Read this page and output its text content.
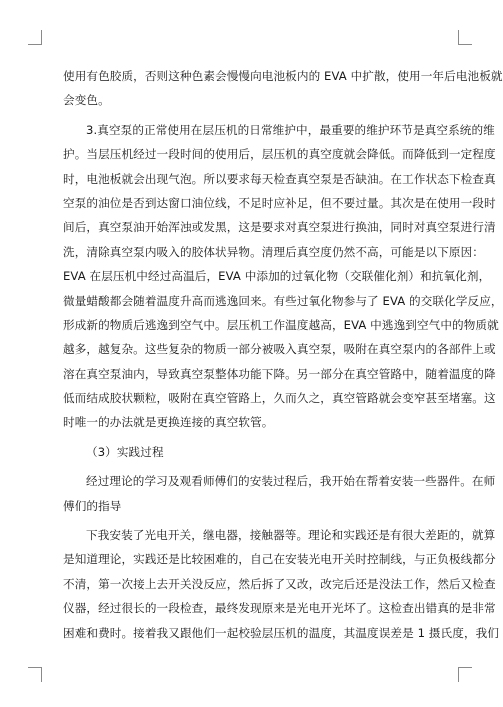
使用有色胶质，否则这种色素会慢慢向电池板内的 EVA 中扩散，使用一年后电池板就
会变色。
3.真空泵的正常使用在层压机的日常维护中，最重要的维护环节是真空系统的维
护。当层压机经过一段时间的使用后，层压机的真空度就会降低。而降低到一定程度
时，电池板就会出现气泡。所以要求每天检查真空泵是否缺油。在工作状态下检查真
空泵的油位是否到达窗口油位线，不足时应补足，但不要过量。其次是在使用一段时
间后，真空泵油开始浑浊或发黑，这是要求对真空泵进行换油，同时对真空泵进行清
洗，清除真空泵内吸入的胶体状异物。清理后真空度仍然不高，可能是以下原因：
EVA 在层压机中经过高温后，EVA 中添加的过氧化物（交联催化剂）和抗氧化剂，
微量蜡酸都会随着温度升高而逃逸回来。有些过氧化物参与了 EVA 的交联化学反应，
形成新的物质后逃逸到空气中。层压机工作温度越高，EVA 中逃逸到空气中的物质就
越多，越复杂。这些复杂的物质一部分被吸入真空泵，吸附在真空泵内的各部件上或
溶在真空泵油内，导致真空泵整体功能下降。另一部分在真空管路中，随着温度的降
低而结成胶状颗粒，吸附在真空管路上，久而久之，真空管路就会变窄甚至堵塞。这
时唯一的办法就是更换连接的真空软管。
（3）实践过程
经过理论的学习及观看师傅们的安装过程后，我开始在帮着安装一些器件。在师
傅们的指导
下我安装了光电开关，继电器，接触器等。理论和实践还是有很大差距的，就算
是知道理论，实践还是比较困难的，自己在安装光电开关时控制线，与正负极线都分
不清，第一次接上去开关没反应，然后拆了又改，改完后还是没法工作，然后又检查
仪器，经过很长的一段检查，最终发现原来是光电开光坏了。这检查出错真的是非常
困难和费时。接着我又跟他们一起校验层压机的温度，其温度误差是 1 摄氏度，我们
